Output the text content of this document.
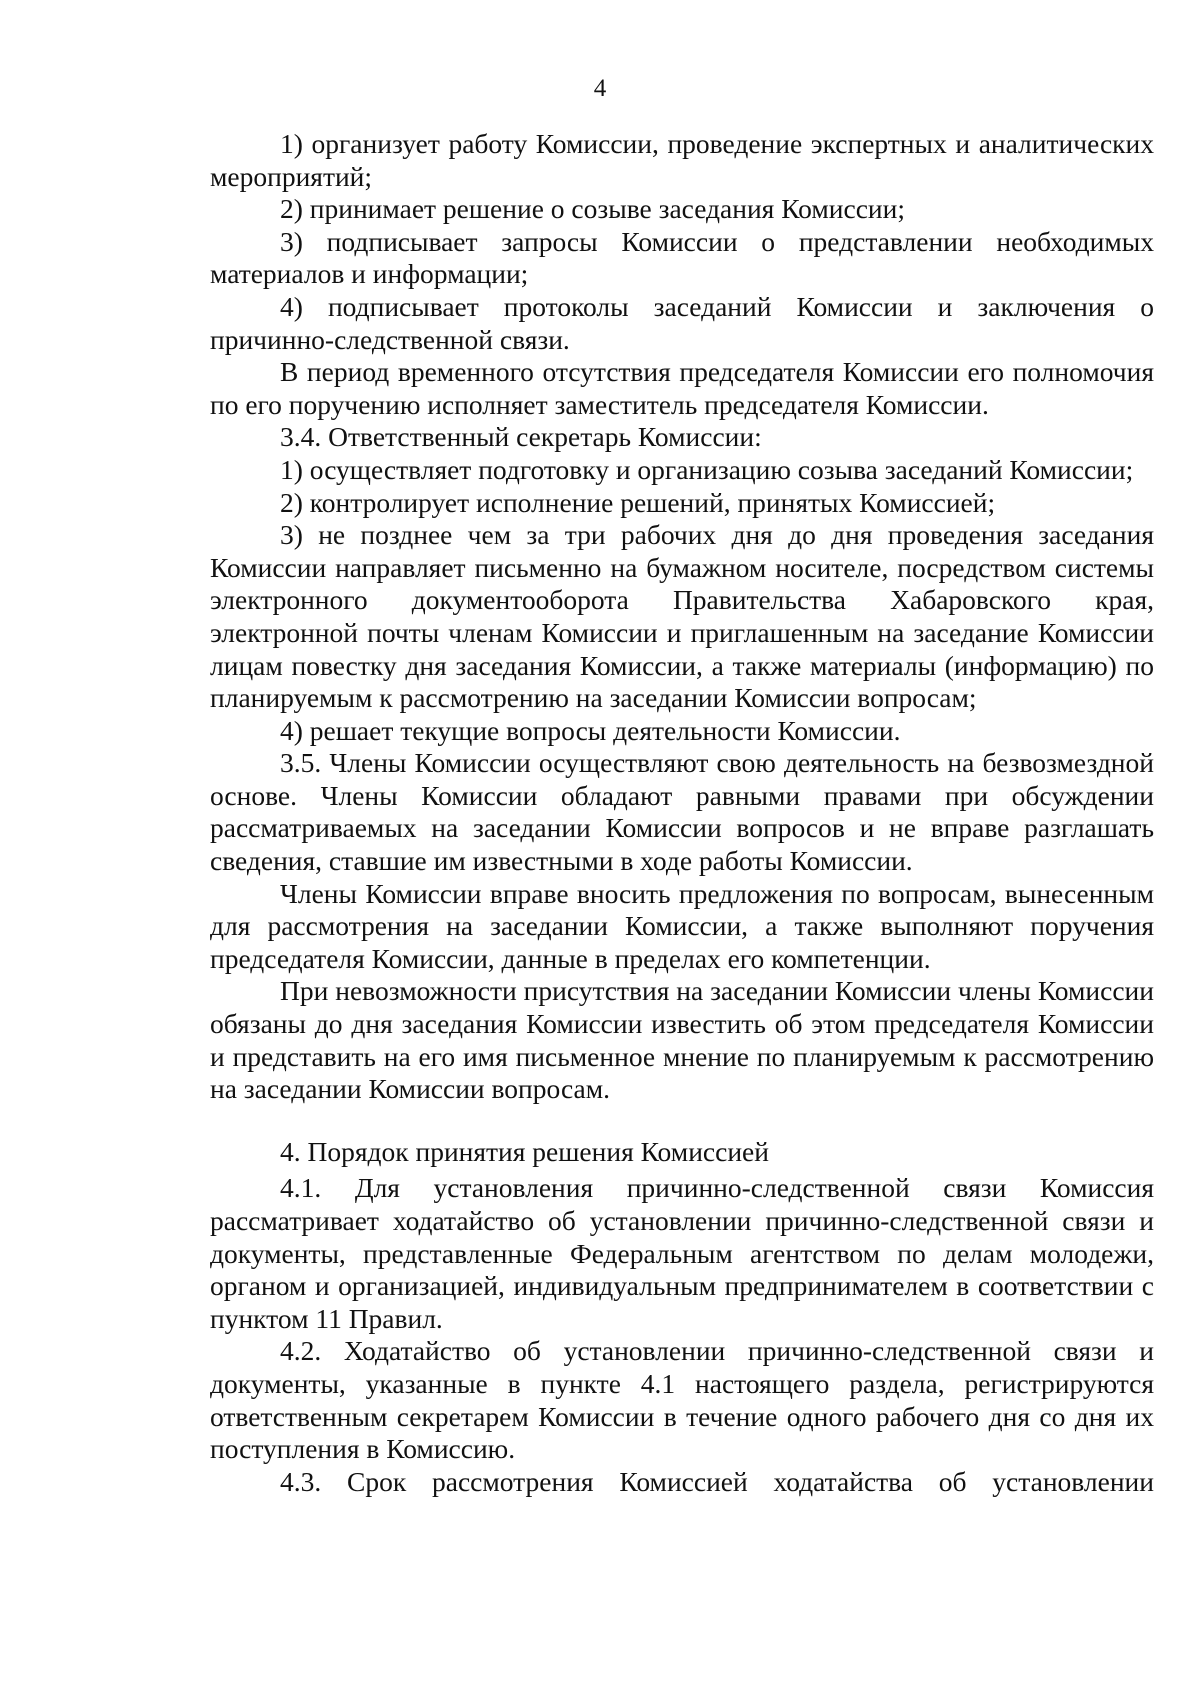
4

1) организует работу Комиссии, проведение экспертных и аналитических мероприятий;

2) принимает решение о созыве заседания Комиссии;

3) подписывает запросы Комиссии о представлении необходимых материалов и информации;

4) подписывает протоколы заседаний Комиссии и заключения о причинно-следственной связи.

В период временного отсутствия председателя Комиссии его полномочия по его поручению исполняет заместитель председателя Комиссии.

3.4. Ответственный секретарь Комиссии:

1) осуществляет подготовку и организацию созыва заседаний Комиссии;

2) контролирует исполнение решений, принятых Комиссией;

3) не позднее чем за три рабочих дня до дня проведения заседания Комиссии направляет письменно на бумажном носителе, посредством системы электронного документооборота Правительства Хабаровского края, электронной почты членам Комиссии и приглашенным на заседание Комиссии лицам повестку дня заседания Комиссии, а также материалы (информацию) по планируемым к рассмотрению на заседании Комиссии вопросам;

4) решает текущие вопросы деятельности Комиссии.

3.5. Члены Комиссии осуществляют свою деятельность на безвозмездной основе. Члены Комиссии обладают равными правами при обсуждении рассматриваемых на заседании Комиссии вопросов и не вправе разглашать сведения, ставшие им известными в ходе работы Комиссии.

Члены Комиссии вправе вносить предложения по вопросам, вынесенным для рассмотрения на заседании Комиссии, а также выполняют поручения председателя Комиссии, данные в пределах его компетенции.

При невозможности присутствия на заседании Комиссии члены Комиссии обязаны до дня заседания Комиссии известить об этом председателя Комиссии и представить на его имя письменное мнение по планируемым к рассмотрению на заседании Комиссии вопросам.

4. Порядок принятия решения Комиссией

4.1. Для установления причинно-следственной связи Комиссия рассматривает ходатайство об установлении причинно-следственной связи и документы, представленные Федеральным агентством по делам молодежи, органом и организацией, индивидуальным предпринимателем в соответствии с пунктом 11 Правил.

4.2. Ходатайство об установлении причинно-следственной связи и документы, указанные в пункте 4.1 настоящего раздела, регистрируются ответственным секретарем Комиссии в течение одного рабочего дня со дня их поступления в Комиссию.

4.3. Срок рассмотрения Комиссией ходатайства об установлении
